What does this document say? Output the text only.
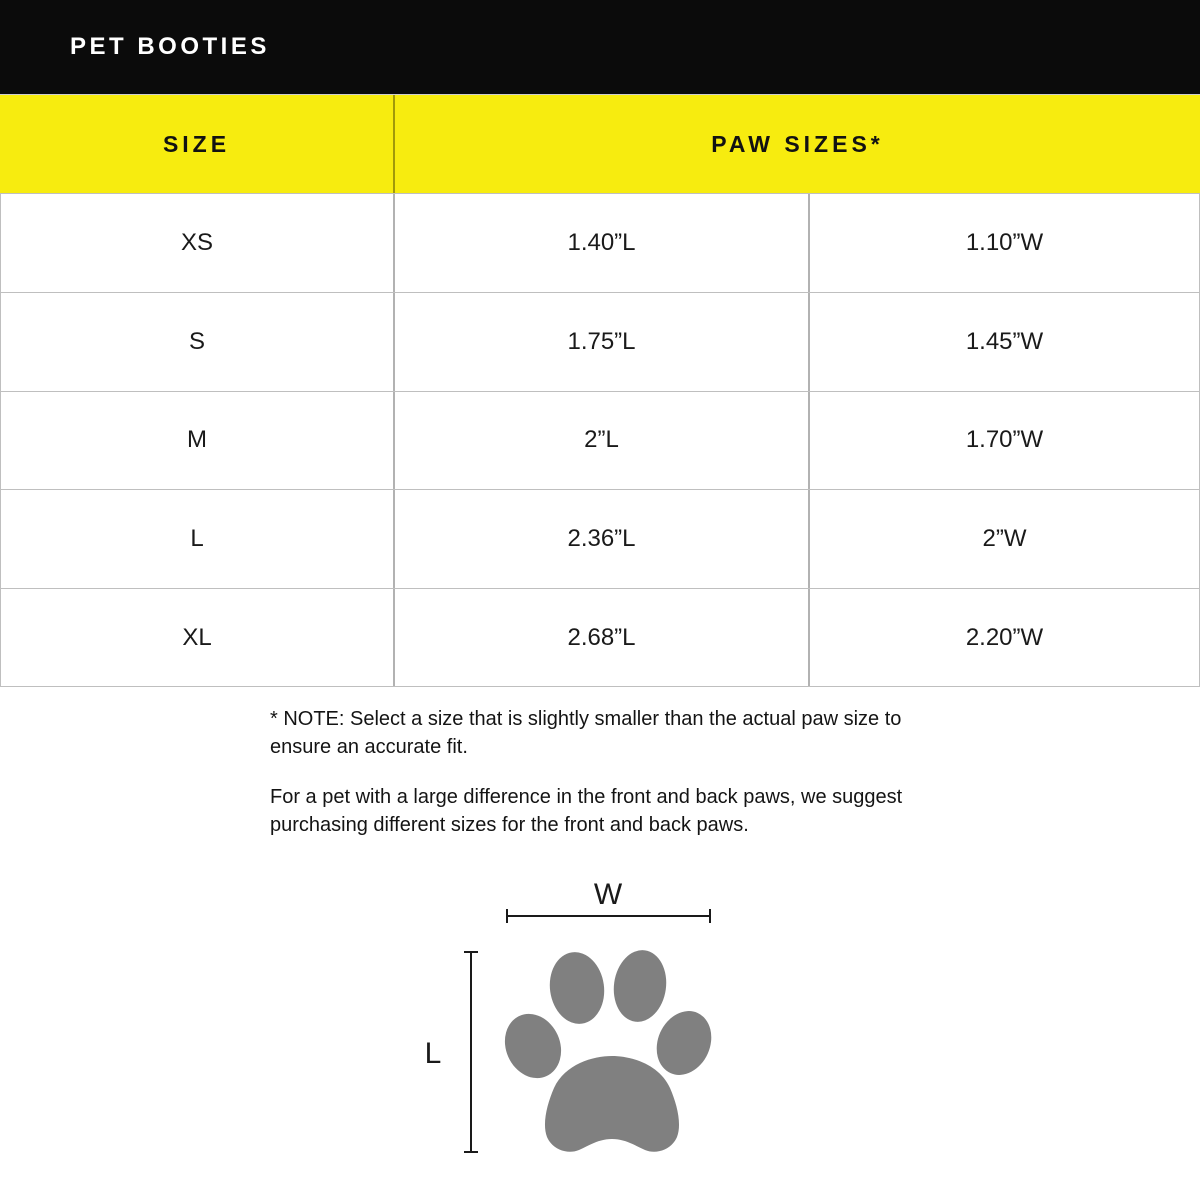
PET BOOTIES
SIZE	PAW SIZES*
XS	1.40”L	1.10”W
S	1.75”L	1.45”W
M	2”L	1.70”W
L	2.36”L	2”W
XL	2.68”L	2.20”W

* NOTE: Select a size that is slightly smaller than the actual paw size to ensure an accurate fit.

For a pet with a large difference in the front and back paws, we suggest purchasing different sizes for the front and back paws.

W
L
